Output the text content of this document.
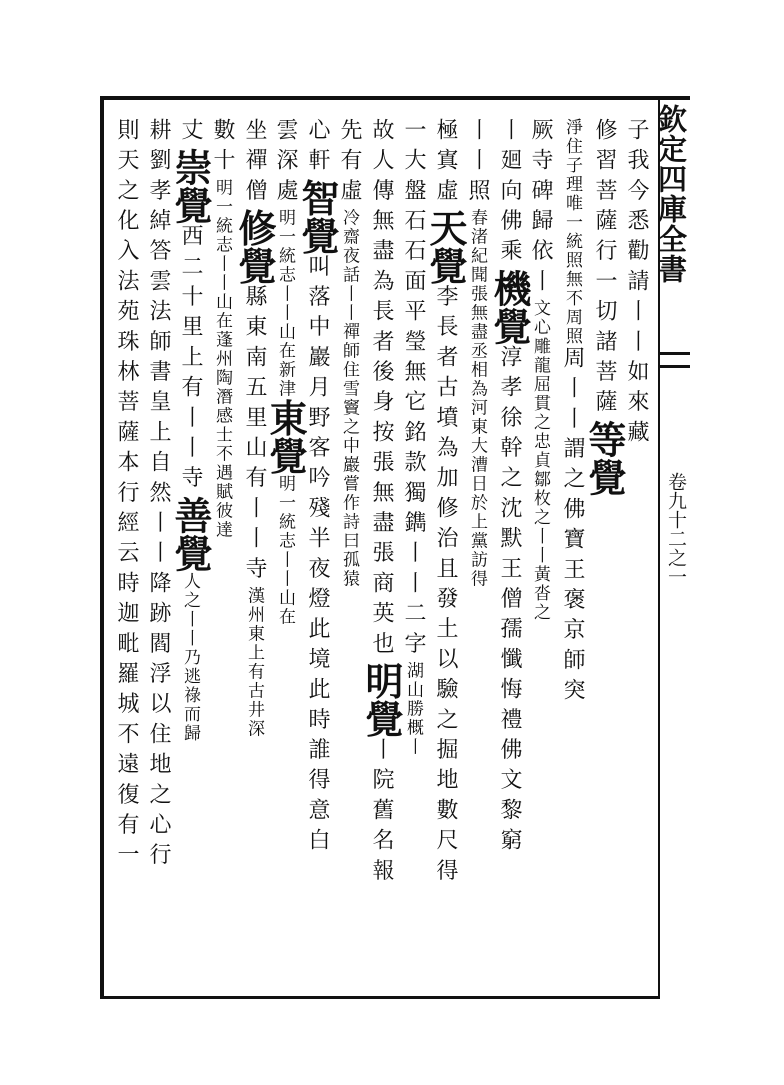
欽定四庫全書
卷九十二之一
子我今悉勸請丨丨如來藏
修習菩薩行一切諸菩薩等覺
淨住子理唯一統照無不周照周丨丨謂之佛寶王褒京師突
厥寺碑歸依丨文心雕龍屈貫之忠貞鄒枚之丨丨黃沓之
丨廻向佛乘機覺淳孝徐幹之沈默王僧孺懺悔禮佛文黎窮
丨丨照春渚紀聞張無盡丞相為河東大漕日於上黨訪得
極寘虛天覺李長者古墳為加修治且發土以驗之掘地數尺得
一大盤石石面平瑩無它銘款獨鐫丨丨二字湖山勝概丨
故人傳無盡為長者後身按張無盡張商英也明覺丨院舊名報
先有虛冷齋夜話丨丨禪師住雪竇之中巖嘗作詩曰孤猿
心軒智覺叫落中巖月野客吟殘半夜燈此境此時誰得意白
雲深處明一統志丨丨山在新津東覺明一統志丨丨山在
坐禪僧修覺縣東南五里山有丨丨寺漢州東上有古井深
數十明一統志丨丨山在蓬州陶潛感士不遇賦彼達
丈崇覺西二十里上有丨丨寺善覺人之丨丨乃逃祿而歸
耕劉孝綽答雲法師書皇上自然丨丨降跡閻浮以住地之心行
則天之化入法苑珠林菩薩本行經云時迦毗羅城不遠復有一
